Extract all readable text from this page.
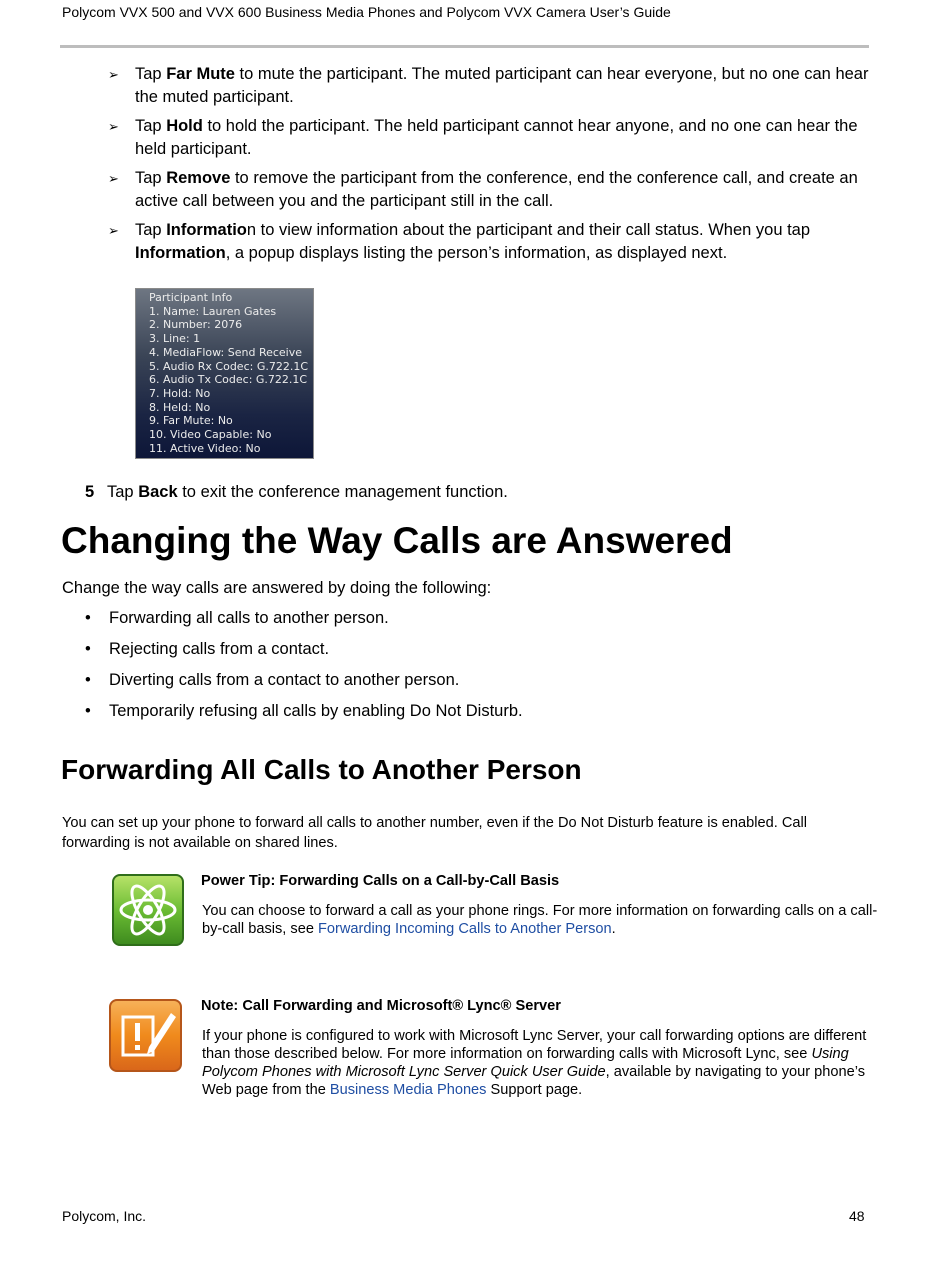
Polycom VVX 500 and VVX 600 Business Media Phones and Polycom VVX Camera User’s Guide
➢ Tap Far Mute to mute the participant. The muted participant can hear everyone, but no one can hear the muted participant.
➢ Tap Hold to hold the participant. The held participant cannot hear anyone, and no one can hear the held participant.
➢ Tap Remove to remove the participant from the conference, end the conference call, and create an active call between you and the participant still in the call.
➢ Tap Information to view information about the participant and their call status. When you tap Information, a popup displays listing the person’s information, as displayed next.
Participant Info
1. Name: Lauren Gates
2. Number: 2076
3. Line: 1
4. MediaFlow: Send Receive
5. Audio Rx Codec: G.722.1C
6. Audio Tx Codec: G.722.1C
7. Hold: No
8. Held: No
9. Far Mute: No
10. Video Capable: No
11. Active Video: No
5 Tap Back to exit the conference management function.
Changing the Way Calls are Answered
Change the way calls are answered by doing the following:
• Forwarding all calls to another person.
• Rejecting calls from a contact.
• Diverting calls from a contact to another person.
• Temporarily refusing all calls by enabling Do Not Disturb.
Forwarding All Calls to Another Person
You can set up your phone to forward all calls to another number, even if the Do Not Disturb feature is enabled. Call forwarding is not available on shared lines.
Power Tip: Forwarding Calls on a Call-by-Call Basis
You can choose to forward a call as your phone rings. For more information on forwarding calls on a call-by-call basis, see Forwarding Incoming Calls to Another Person.
Note: Call Forwarding and Microsoft® Lync® Server
If your phone is configured to work with Microsoft Lync Server, your call forwarding options are different than those described below. For more information on forwarding calls with Microsoft Lync, see Using Polycom Phones with Microsoft Lync Server Quick User Guide, available by navigating to your phone’s Web page from the Business Media Phones Support page.
Polycom, Inc.	48
